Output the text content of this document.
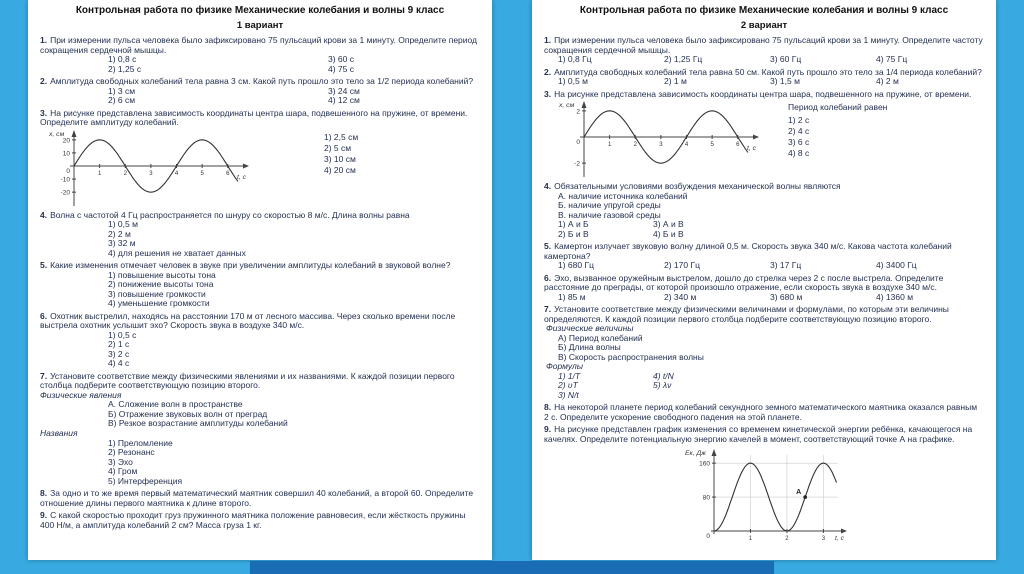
Контрольная работа по физике Механические колебания и волны 9 класс
1 вариант
1. При измерении пульса человека было зафиксировано 75 пульсаций крови за 1 минуту. Определите период сокращения сердечной мышцы.
1) 0,8 с	3) 60 с
2) 1,25 с	4) 75 с
2. Амплитуда свободных колебаний тела равна 3 см. Какой путь прошло это тело за 1/2 периода колебаний?
1) 3 см	3) 24 см
2) 6 см	4) 12 см
3. На рисунке представлена зависимость координаты центра шара, подвешенного на пружине, от времени. Определите амплитуду колебаний.
20
10
-10
-20
0	1	2	3	4	5	6
x, см
t, с
1) 2,5 см
2) 5 см
3) 10 см
4) 20 см
4. Волна с частотой 4 Гц распространяется по шнуру со скоростью 8 м/с. Длина волны равна
1) 0,5 м
2) 2 м
3) 32 м
4) для решения не хватает данных
5. Какие изменения отмечает человек в звуке при увеличении амплитуды колебаний в звуковой волне?
1) повышение высоты тона
2) понижение высоты тона
3) повышение громкости
4) уменьшение громкости
6. Охотник выстрелил, находясь на расстоянии 170 м от лесного массива. Через сколько времени после выстрела охотник услышит эхо? Скорость звука в воздухе 340 м/с.
1) 0,5 с
2) 1 с
3) 2 с
4) 4 с
7. Установите соответствие между физическими явлениями и их названиями. К каждой позиции первого столбца подберите соответствующую позицию второго.
Физические явления
А. Сложение волн в пространстве
Б) Отражение звуковых волн от преград
В) Резкое возрастание амплитуды колебаний
Названия
1) Преломление
2) Резонанс
3) Эхо
4) Гром
5) Интерференция
8. За одно и то же время первый математический маятник совершил 40 колебаний, а второй 60. Определите отношение длины первого маятника к длине второго.
9. С какой скоростью проходит груз пружинного маятника положение равновесия, если жёсткость пружины 400 Н/м, а амплитуда колебаний 2 см? Масса груза 1 кг.
Контрольная работа по физике Механические колебания и волны 9 класс
2 вариант
1. При измерении пульса человека было зафиксировано 75 пульсаций крови за 1 минуту. Определите частоту сокращения сердечной мышцы.
1) 0,8 Гц	2) 1,25 Гц	3) 60 Гц	4) 75 Гц
2. Амплитуда свободных колебаний тела равна 50 см. Какой путь прошло это тело за 1/4 периода колебаний?
1) 0,5 м	2) 1 м	3) 1,5 м	4) 2 м
3. На рисунке представлена зависимость координаты центра шара, подвешенного на пружине, от времени.
2
-2
0	1	2	3	4	5	6
x, см
t, с
Период колебаний равен
1) 2 с
2) 4 с
3) 6 с
4) 8 с
4. Обязательными условиями возбуждения механической волны являются
А. наличие источника колебаний
Б. наличие упругой среды
В. наличие газовой среды
1) А и Б	3) А и В
2) Б и В	4) Б и В
5. Камертон излучает звуковую волну длиной 0,5 м. Скорость звука 340 м/с. Какова частота колебаний камертона?
1) 680 Гц	2) 170 Гц	3) 17 Гц	4) 3400 Гц
6. Эхо, вызванное оружейным выстрелом, дошло до стрелка через 2 с после выстрела. Определите расстояние до преграды, от которой произошло отражение, если скорость звука в воздухе 340 м/с.
1) 85 м	2) 340 м	3) 680 м	4) 1360 м
7. Установите соответствие между физическими величинами и формулами, по которым эти величины определяются. К каждой позиции первого столбца подберите соответствующую позицию второго.
Физические величины
А) Период колебаний
Б) Длина волны
В) Скорость распространения волны
Формулы
1) 1/T	4) t/N
2) υT	5) λν
3) N/t
8. На некоторой планете период колебаний секундного земного математического маятника оказался равным 2 с. Определите ускорение свободного падения на этой планете.
9. На рисунке представлен график изменения со временем кинетической энергии ребёнка, качающегося на качелях. Определите потенциальную энергию качелей в момент, соответствующий точке А на графике.
80
160
0	1	2	3
А
Eк, Дж
t, с
